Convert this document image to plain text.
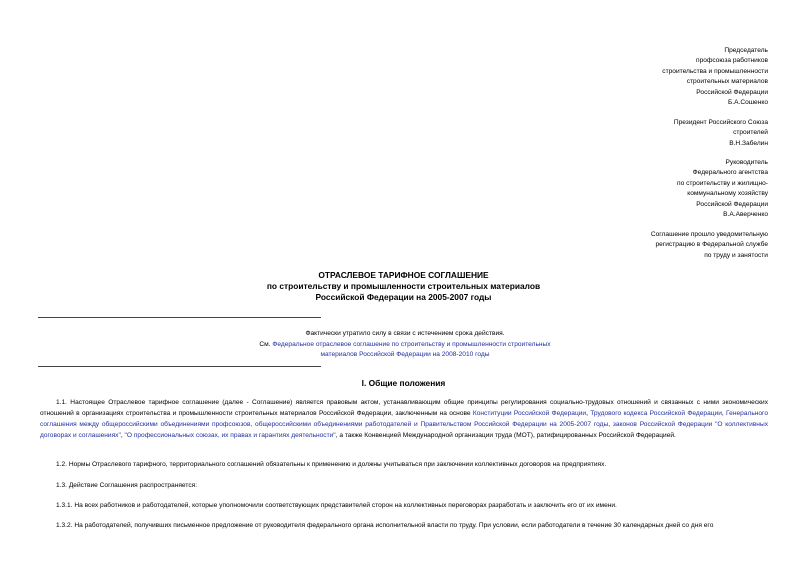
Председатель
профсоюза работников
строительства и промышленности
строительных материалов
Российской Федерации
Б.А.Сошенко
Президент Российского Союза
строителей
В.Н.Забелин
Руководитель
Федерального агентства
по строительству и жилищно-
коммунальному хозяйству
Российской Федерации
В.А.Аверченко
Соглашение прошло уведомительную
регистрацию в Федеральной службе
по труду и занятости
ОТРАСЛЕВОЕ ТАРИФНОЕ СОГЛАШЕНИЕ
по строительству и промышленности строительных материалов
Российской Федерации на 2005-2007 годы
Фактически утратило силу в связи с истечением срока действия.
См. Федеральное отраслевое соглашение по строительству и промышленности строительных материалов Российской Федерации на 2008-2010 годы
I. Общие положения
1.1. Настоящее Отраслевое тарифное соглашение (далее - Соглашение) является правовым актом, устанавливающим общие принципы регулирования социально-трудовых отношений и связанных с ними экономических отношений в организациях строительства и промышленности строительных материалов Российской Федерации, заключенным на основе Конституции Российской Федерации, Трудового кодекса Российской Федерации, Генерального соглашения между общероссийскими объединениями профсоюзов, общероссийскими объединениями работодателей и Правительством Российской Федерации на 2005-2007 годы, законов Российской Федерации "О коллективных договорах и соглашениях", "О профессиональных союзах, их правах и гарантиях деятельности", а также Конвенцией Международной организации труда (МОТ), ратифицированных Российской Федерацией.
1.2. Нормы Отраслевого тарифного, территориального соглашений обязательны к применению и должны учитываться при заключении коллективных договоров на предприятиях.
1.3. Действие Соглашения распространяется:
1.3.1. На всех работников и работодателей, которые уполномочили соответствующих представителей сторон на коллективных переговорах разработать и заключить его от их имени.
1.3.2. На работодателей, получивших письменное предложение от руководителя федерального органа исполнительной власти по труду. При условии, если работодатели в течение 30 календарных дней со дня его
